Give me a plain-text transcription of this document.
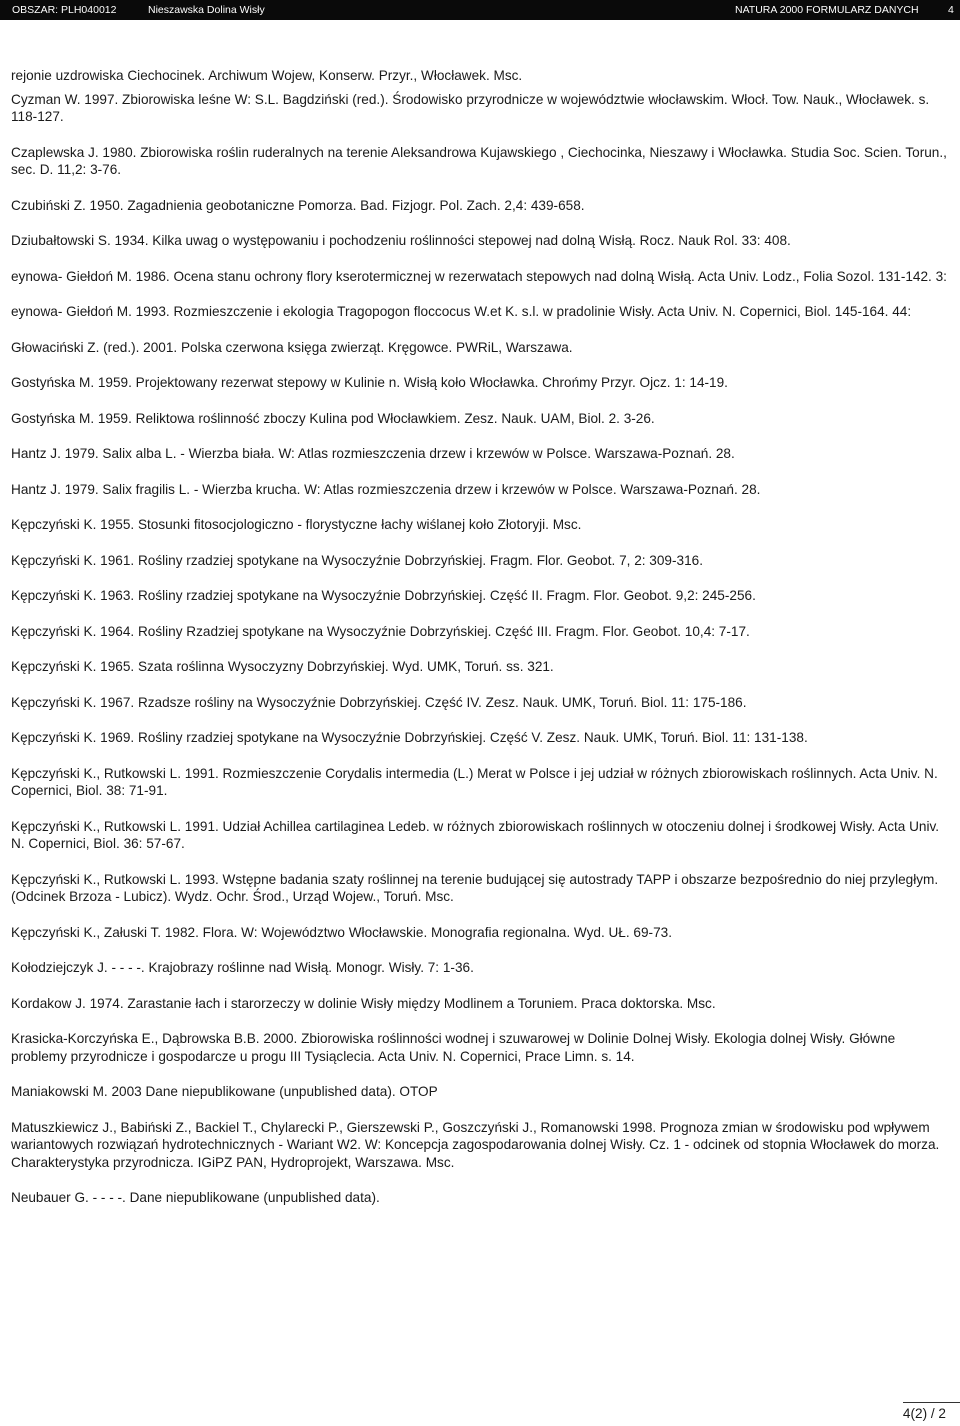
OBSZAR: PLH040012	Nieszawska Dolina Wisły	NATURA 2000 FORMULARZ DANYCH	4

rejonie uzdrowiska Ciechocinek. Archiwum Wojew, Konserw. Przyr., Włocławek. Msc.

Cyzman W. 1997. Zbiorowiska leśne W: S.L. Bagdziński (red.). Środowisko przyrodnicze w województwie włocławskim. Włocł. Tow. Nauk., Włocławek. s. 118-127.

Czaplewska J. 1980. Zbiorowiska roślin ruderalnych na terenie Aleksandrowa Kujawskiego , Ciechocinka, Nieszawy i Włocławka. Studia Soc. Scien. Torun., sec. D. 11,2: 3-76.

Czubiński Z. 1950. Zagadnienia geobotaniczne Pomorza. Bad. Fizjogr. Pol. Zach. 2,4: 439-658.

Dziubałtowski S. 1934. Kilka uwag o występowaniu i pochodzeniu roślinności stepowej nad dolną Wisłą. Rocz. Nauk Rol. 33: 408.

eynowa- Giełdoń M. 1986. Ocena stanu ochrony flory kserotermicznej w rezerwatach stepowych nad dolną Wisłą. Acta Univ. Lodz., Folia Sozol. 131-142. 3:

eynowa- Giełdoń M. 1993. Rozmieszczenie i ekologia Tragopogon floccocus W.et K. s.l. w pradolinie Wisły. Acta Univ. N. Copernici, Biol. 145-164. 44:

Głowaciński Z. (red.). 2001. Polska czerwona księga zwierząt. Kręgowce. PWRiL, Warszawa.

Gostyńska M. 1959. Projektowany rezerwat stepowy w Kulinie n. Wisłą koło Włocławka. Chrońmy Przyr. Ojcz. 1: 14-19.

Gostyńska M. 1959. Reliktowa roślinność zboczy Kulina pod Włocławkiem. Zesz. Nauk. UAM, Biol. 2. 3-26.

Hantz J. 1979. Salix alba L. - Wierzba biała. W: Atlas rozmieszczenia drzew i krzewów w Polsce. Warszawa-Poznań. 28.

Hantz J. 1979. Salix fragilis L. - Wierzba krucha. W: Atlas rozmieszczenia drzew i krzewów w Polsce. Warszawa-Poznań. 28.

Kępczyński K. 1955. Stosunki fitosocjologiczno - florystyczne łachy wiślanej koło Złotoryji. Msc.

Kępczyński K. 1961. Rośliny rzadziej spotykane na Wysoczyźnie Dobrzyńskiej. Fragm. Flor. Geobot. 7, 2: 309-316.

Kępczyński K. 1963. Rośliny rzadziej spotykane na Wysoczyźnie Dobrzyńskiej. Część II. Fragm. Flor. Geobot. 9,2: 245-256.

Kępczyński K. 1964. Rośliny Rzadziej spotykane na Wysoczyźnie Dobrzyńskiej. Część III. Fragm. Flor. Geobot. 10,4: 7-17.

Kępczyński K. 1965. Szata roślinna Wysoczyzny Dobrzyńskiej. Wyd. UMK, Toruń. ss. 321.

Kępczyński K. 1967. Rzadsze rośliny na Wysoczyźnie Dobrzyńskiej. Część IV. Zesz. Nauk. UMK, Toruń. Biol. 11: 175-186.

Kępczyński K. 1969. Rośliny rzadziej spotykane na Wysoczyźnie Dobrzyńskiej. Część V. Zesz. Nauk. UMK, Toruń. Biol. 11: 131-138.

Kępczyński K., Rutkowski L. 1991. Rozmieszczenie Corydalis intermedia (L.) Merat w Polsce i jej udział w różnych zbiorowiskach roślinnych. Acta Univ. N. Copernici, Biol. 38: 71-91.

Kępczyński K., Rutkowski L. 1991. Udział Achillea cartilaginea Ledeb. w różnych zbiorowiskach roślinnych w otoczeniu dolnej i środkowej Wisły. Acta Univ. N. Copernici, Biol. 36: 57-67.

Kępczyński K., Rutkowski L. 1993. Wstępne badania szaty roślinnej na terenie budującej się autostrady TAPP i obszarze bezpośrednio do niej przyległym. (Odcinek Brzoza - Lubicz). Wydz. Ochr. Środ., Urząd Wojew., Toruń. Msc.

Kępczyński K., Załuski T. 1982. Flora. W: Województwo Włocławskie. Monografia regionalna. Wyd. UŁ. 69-73.

Kołodziejczyk J. - - - -. Krajobrazy roślinne nad Wisłą. Monogr. Wisły. 7: 1-36.

Kordakow J. 1974. Zarastanie łach i starorzeczy w dolinie Wisły między Modlinem a Toruniem. Praca doktorska. Msc.

Krasicka-Korczyńska E., Dąbrowska B.B. 2000. Zbiorowiska roślinności wodnej i szuwarowej w Dolinie Dolnej Wisły. Ekologia dolnej Wisły. Główne problemy przyrodnicze i gospodarcze u progu III Tysiąclecia. Acta Univ. N. Copernici, Prace Limn. s. 14.

Maniakowski M. 2003 Dane niepublikowane (unpublished data). OTOP

Matuszkiewicz J., Babiński Z., Backiel T., Chylarecki P., Gierszewski P., Goszczyński J., Romanowski 1998. Prognoza zmian w środowisku pod wpływem wariantowych rozwiązań hydrotechnicznych - Wariant W2. W: Koncepcja zagospodarowania dolnej Wisły. Cz. 1 - odcinek od stopnia Włocławek do morza. Charakterystyka przyrodnicza. IGiPZ PAN, Hydroprojekt, Warszawa. Msc.

Neubauer G. - - - -. Dane niepublikowane (unpublished data).

4(2) / 2
